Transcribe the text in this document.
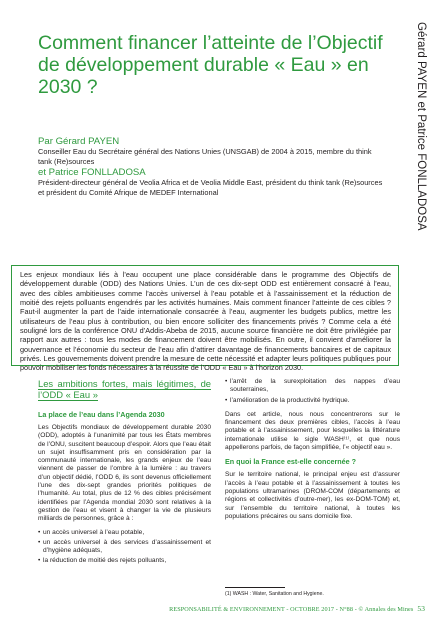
Comment financer l’atteinte de l’Objectif de développement durable « Eau » en 2030 ?	Gérard PAYEN et Patrice FONLLADOSA

Par Gérard PAYEN

Conseiller Eau du Secrétaire général des Nations Unies (UNSGAB) de 2004 à 2015, membre du think tank (Re)sources

et Patrice FONLLADOSA

Président-directeur général de Veolia Africa et de Veolia Middle East, président du think tank (Re)sources et président du Comité Afrique de MEDEF International

Les enjeux mondiaux liés à l’eau occupent une place considérable dans le programme des Objectifs de développement durable (ODD) des Nations Unies. L’un de ces dix-sept ODD est entièrement consacré à l’eau, avec des cibles ambitieuses comme l’accès universel à l’eau potable et à l’assainissement et la réduction de moitié des rejets polluants engendrés par les activités humaines. Mais comment financer l’atteinte de ces cibles ? Faut-il augmenter la part de l’aide internationale consacrée à l’eau, augmenter les budgets publics, mettre les utilisateurs de l’eau plus à contribution, ou bien encore solliciter des financements privés ? Comme cela a été souligné lors de la conférence ONU d’Addis-Abeba de 2015, aucune source financière ne doit être privilégiée par rapport aux autres : tous les modes de financement doivent être mobilisés. En outre, il convient d’améliorer la gouvernance et l’économie du secteur de l’eau afin d’attirer davantage de financements bancaires et de capitaux privés. Les gouvernements doivent prendre la mesure de cette nécessité et adapter leurs politiques publiques pour pouvoir mobiliser les fonds nécessaires à la réussite de l’ODD « Eau » à l’horizon 2030.

Les ambitions fortes, mais légitimes, de l’ODD « Eau »

La place de l’eau dans l’Agenda 2030

Les Objectifs mondiaux de développement durable 2030 (ODD), adoptés à l’unanimité par tous les États membres de l’ONU, suscitent beaucoup d’espoir. Alors que l’eau était un sujet insuffisamment pris en considération par la communauté internationale, les grands enjeux de l’eau viennent de passer de l’ombre à la lumière : au travers d’un objectif dédié, l’ODD 6, ils sont devenus officiellement l’une des dix-sept grandes priorités politiques de l’humanité. Au total, plus de 12 % des cibles précisément identifiées par l’Agenda mondial 2030 sont relatives à la gestion de l’eau et visent à changer la vie de plusieurs milliards de personnes, grâce à :

• un accès universel à l’eau potable,
• un accès universel à des services d’assainissement et d’hygiène adéquats,
• la réduction de moitié des rejets polluants,
• l’arrêt de la surexploitation des nappes d’eau souterraines,
• l’amélioration de la productivité hydrique.

Dans cet article, nous nous concentrerons sur le financement des deux premières cibles, l’accès à l’eau potable et à l’assainissement, pour lesquelles la littérature internationale utilise le sigle WASH⁽¹⁾, et que nous appellerons parfois, de façon simplifiée, l’« objectif eau ».

En quoi la France est-elle concernée ?

Sur le territoire national, le principal enjeu est d’assurer l’accès à l’eau potable et à l’assainissement à toutes les populations ultramarines (DROM-COM (départements et régions et collectivités d’outre-mer), les ex-DOM-TOM) et, sur l’ensemble du territoire national, à toutes les populations précaires ou sans domicile fixe.

(1) WASH : Water, Sanitation and Hygiene.
RESPONSABILITÉ & ENVIRONNEMENT - OCTOBRE 2017 - N°88 - © Annales des Mines 53
